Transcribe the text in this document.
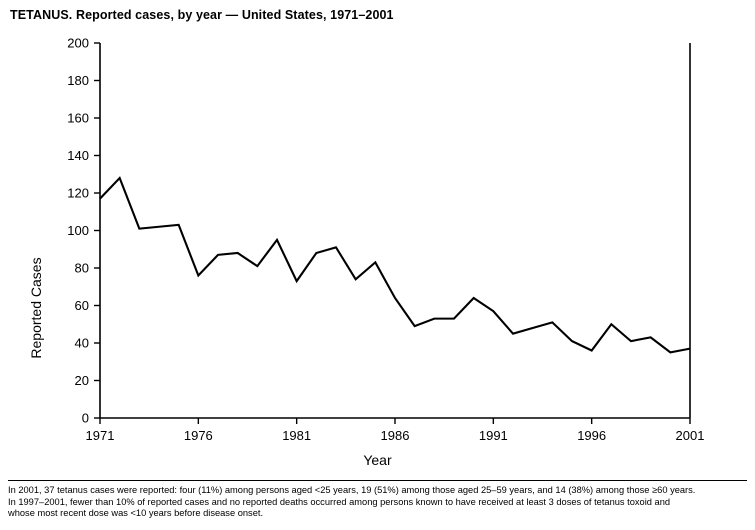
TETANUS. Reported cases, by year — United States, 1971–2001
0
20
40
60
80
100
120
140
160
180
200
1971	1976	1981	1986	1991	1996	2001
Reported Cases
Year
In 2001, 37 tetanus cases were reported: four (11%) among persons aged <25 years, 19 (51%) among those aged 25–59 years, and 14 (38%) among those ≥60 years.
In 1997–2001, fewer than 10% of reported cases and no reported deaths occurred among persons known to have received at least 3 doses of tetanus toxoid and
whose most recent dose was <10 years before disease onset.
